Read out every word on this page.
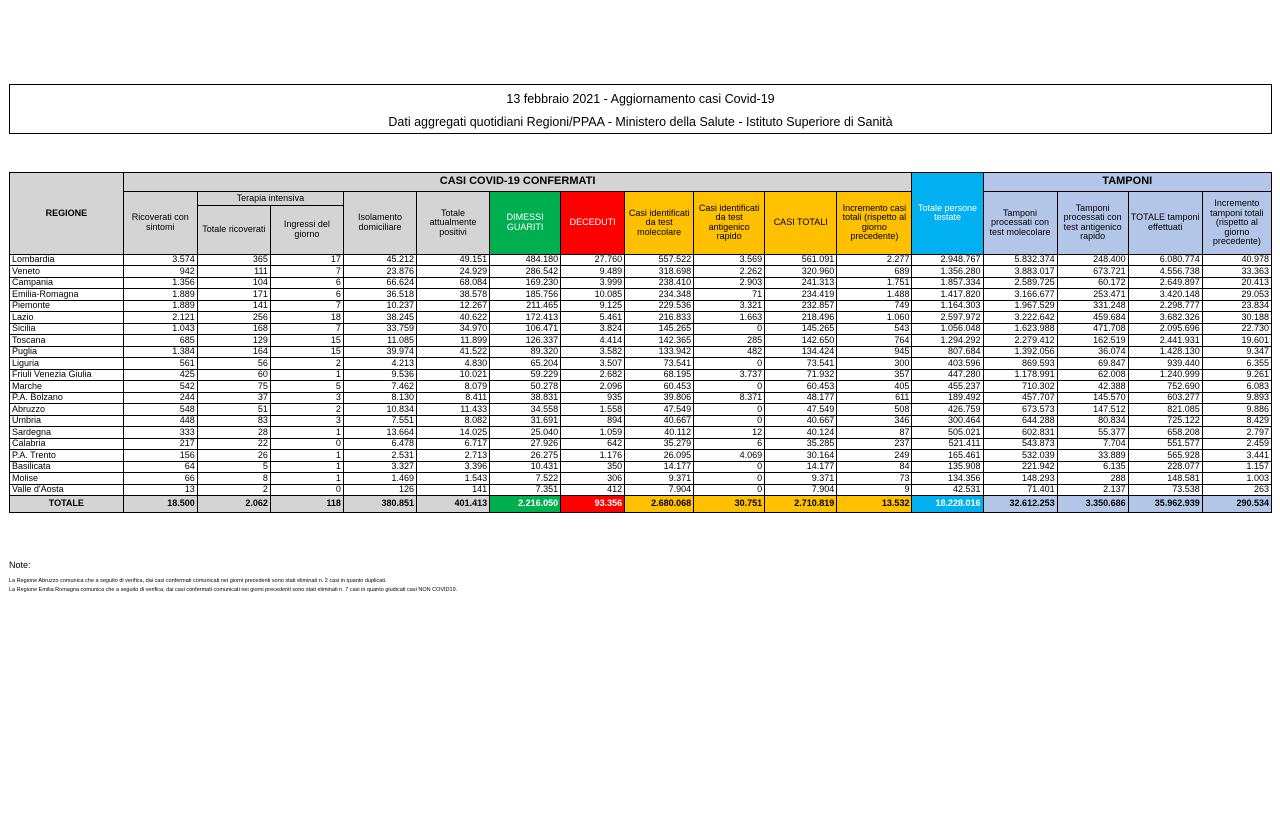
13 febbraio 2021 - Aggiornamento casi Covid-19
Dati aggregati quotidiani Regioni/PPAA - Ministero della Salute - Istituto Superiore di Sanità
REGIONE	CASI COVID-19 CONFERMATI											Totale persone testate	TAMPONI			
	Ricoverati con sintomi	Terapia intensiva		Isolamento domiciliare	Totale attualmente positivi	DIMESSI GUARITI	DECEDUTI	Casi identificati da test molecolare	Casi identificati da test antigenico rapido	CASI TOTALI	Incremento casi totali (rispetto al giorno precedente)		Tamponi processati con test molecolare	Tamponi processati con test antigenico rapido	TOTALE tamponi effettuati	Incremento tamponi totali (rispetto al giorno precedente)
		Totale ricoverati	Ingressi del giorno													
Lombardia	3.574	365	17	45.212	49.151	484.180	27.760	557.522	3.569	561.091	2.277	2.948.767	5.832.374	248.400	6.080.774	40.978
Veneto	942	111	7	23.876	24.929	286.542	9.489	318.698	2.262	320.960	689	1.356.280	3.883.017	673.721	4.556.738	33.363
Campania	1.356	104	6	66.624	68.084	169.230	3.999	238.410	2.903	241.313	1.751	1.857.334	2.589.725	60.172	2.649.897	20.413
Emilia-Romagna	1.889	171	6	36.518	38.578	185.756	10.085	234.348	71	234.419	1.488	1.417.820	3.166.677	253.471	3.420.148	29.053
Piemonte	1.889	141	7	10.237	12.267	211.465	9.125	229.536	3.321	232.857	749	1.164.303	1.967.529	331.248	2.298.777	23.834
Lazio	2.121	256	18	38.245	40.622	172.413	5.461	216.833	1.663	218.496	1.060	2.597.972	3.222.642	459.684	3.682.326	30.188
Sicilia	1.043	168	7	33.759	34.970	106.471	3.824	145.265	0	145.265	543	1.056.048	1.623.988	471.708	2.095.696	22.730
Toscana	685	129	15	11.085	11.899	126.337	4.414	142.365	285	142.650	764	1.294.292	2.279.412	162.519	2.441.931	19.601
Puglia	1.384	164	15	39.974	41.522	89.320	3.582	133.942	482	134.424	945	807.684	1.392.056	36.074	1.428.130	9.347
Liguria	561	56	2	4.213	4.830	65.204	3.507	73.541	0	73.541	300	403.596	869.593	69.847	939.440	6.355
Friuli Venezia Giulia	425	60	1	9.536	10.021	59.229	2.682	68.195	3.737	71.932	357	447.280	1.178.991	62.008	1.240.999	9.261
Marche	542	75	5	7.462	8.079	50.278	2.096	60.453	0	60.453	405	455.237	710.302	42.388	752.690	6.083
P.A. Bolzano	244	37	3	8.130	8.411	38.831	935	39.806	8.371	48.177	611	189.492	457.707	145.570	603.277	9.893
Abruzzo	548	51	2	10.834	11.433	34.558	1.558	47.549	0	47.549	508	426.759	673.573	147.512	821.085	9.886
Umbria	448	83	3	7.551	8.082	31.691	894	40.667	0	40.667	346	300.464	644.288	80.834	725.122	8.429
Sardegna	333	28	1	13.664	14.025	25.040	1.059	40.112	12	40.124	87	505.021	602.831	55.377	658.208	2.797
Calabria	217	22	0	6.478	6.717	27.926	642	35.279	6	35.285	237	521.411	543.873	7.704	551.577	2.459
P.A. Trento	156	26	1	2.531	2.713	26.275	1.176	26.095	4.069	30.164	249	165.461	532.039	33.889	565.928	3.441
Basilicata	64	5	1	3.327	3.396	10.431	350	14.177	0	14.177	84	135.908	221.942	6.135	228.077	1.157
Molise	66	8	1	1.469	1.543	7.522	306	9.371	0	9.371	73	134.356	148.293	288	148.581	1.003
Valle d'Aosta	13	2	0	126	141	7.351	412	7.904	0	7.904	9	42.531	71.401	2.137	73.538	263
TOTALE	18.500	2.062	118	380.851	401.413	2.216.050	93.356	2.680.068	30.751	2.710.819	13.532	18.228.016	32.612.253	3.350.686	35.962.939	290.534
Note:
La Regione Abruzzo comunica che a seguito di verifica, dai casi confermati comunicati nei giorni precedenti sono stati eliminati n. 2 casi in quanto duplicati.
La Regione Emilia Romagna comunica che a seguito di verifica, dai casi confermati comunicati nei giorni precedenti sono stati eliminati n. 7 casi in quanto giudicati casi NON COVID19.
